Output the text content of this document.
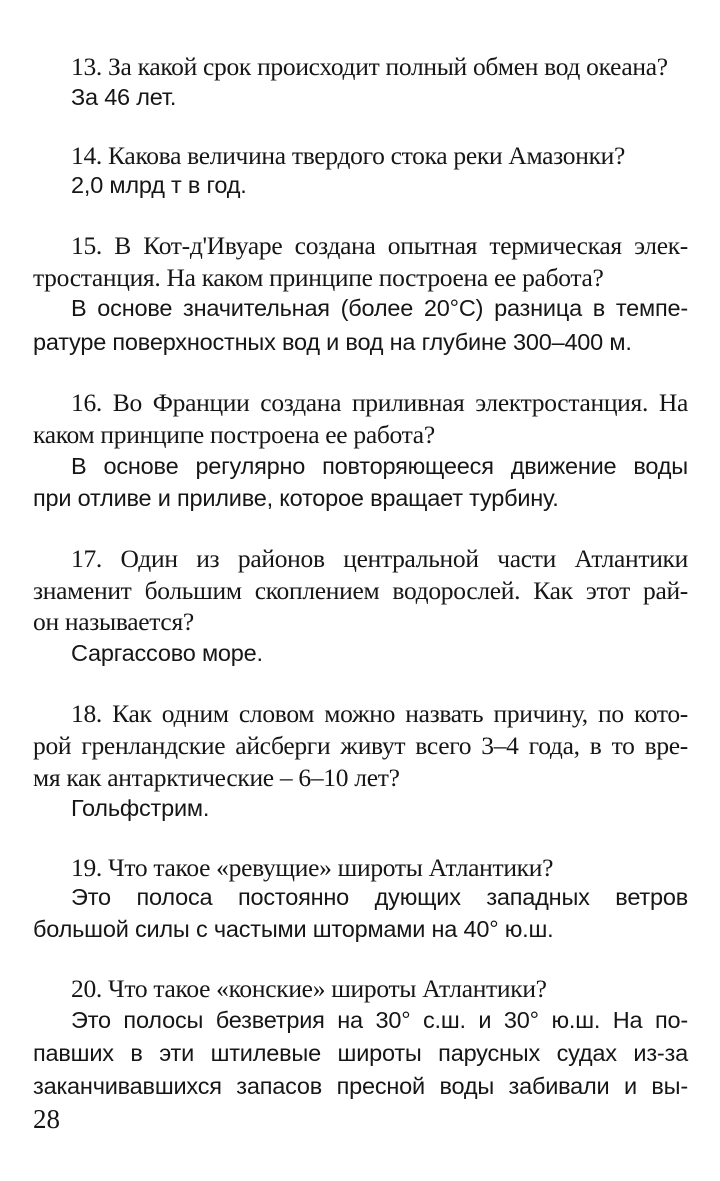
13. За какой срок происходит полный обмен вод океана?
За 46 лет.
14. Какова величина твердого стока реки Амазонки?
2,0 млрд т в год.
15. В Кот-д'Ивуаре создана опытная термическая элек-
тростанция. На каком принципе построена ее работа?
В основе значительная (более 20°С) разница в темпе-
ратуре поверхностных вод и вод на глубине 300–400 м.
16. Во Франции создана приливная электростанция. На
каком принципе построена ее работа?
В основе регулярно повторяющееся движение воды
при отливе и приливе, которое вращает турбину.
17. Один из районов центральной части Атлантики
знаменит большим скоплением водорослей. Как этот рай-
он называется?
Саргассово море.
18. Как одним словом можно назвать причину, по кото-
рой гренландские айсберги живут всего 3–4 года, в то вре-
мя как антарктические – 6–10 лет?
Гольфстрим.
19. Что такое «ревущие» широты Атлантики?
Это полоса постоянно дующих западных ветров
большой силы с частыми штормами на 40° ю.ш.
20. Что такое «конские» широты Атлантики?
Это полосы безветрия на 30° с.ш. и 30° ю.ш. На по-
павших в эти штилевые широты парусных судах из-за
заканчивавшихся запасов пресной воды забивали и вы-
28
